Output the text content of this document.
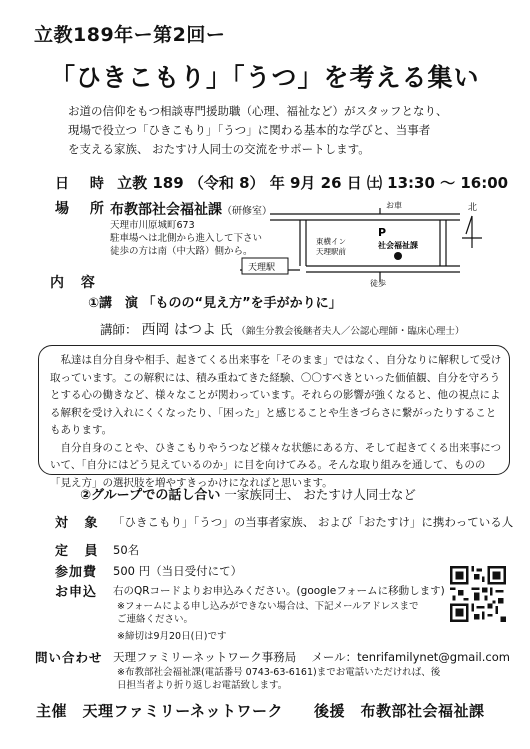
立教189年ー第2回ー
「ひきこもり」「うつ」を考える集い
お道の信仰をもつ相談専門援助職（心理、福祉など）がスタッフとなり、
現場で役立つ「ひきこもり」「うつ」に関わる基本的な学びと、当事者
を支える家族、 おたすけ人同士の交流をサポートします。
日 時 立教 189 （令和 8） 年 9月 26 日 ㈯ 13:30 〜 16:00
場 所
布教部社会福祉課（研修室）
天理市川原城町673
駐車場へは北側から進入して下さい
徒歩の方は南（中大路）側から。
天理駅
お車
P
社会福祉課
東横イン
天理駅前
徒歩
北
内 容
①講　演 「ものの“見え方”を手がかりに」
講師： 西岡 はつよ 氏 （錦生分教会後継者夫人／公認心理師・臨床心理士）

私達は自分自身や相手、起きてくる出来事を「そのまま」ではなく、自分なりに解釈して受け取っています。この解釈には、積み重ねてきた経験、〇〇すべきといった価値観、自分を守ろうとする心の働きなど、様々なことが関わっています。それらの影響が強くなると、他の視点による解釈を受け入れにくくなったり、「困った」と感じることや生きづらさに繋がったりすることもあります。

自分自身のことや、ひきこもりやうつなど様々な状態にある方、そして起きてくる出来事について、「自分にはどう見えているのか」に目を向けてみる。そんな取り組みを通して、ものの「見え方」の選択肢を増やすきっかけになればと思います。

②グループでの話し合い 一家族同士、 おたすけ人同士など
対 象 「ひきこもり」「うつ」の当事者家族、 および「おたすけ」に携わっている人
定 員 50名
参加費 500 円（当日受付にて）
お申込 右のQRコードよりお申込みください。(googleフォームに移動します)
※フォームによる申し込みができない場合は、下記メールアドレスまでご連絡ください。
※締切は9月20日(日)です
問い合わせ 天理ファミリーネットワーク事務局　 メール：tenrifamilynet@gmail.com
※布教部社会福祉課(電話番号 0743-63-6161)までお電話いただければ、後日担当者より折り返しお電話致します。
主催　天理ファミリーネットワーク　　後援　布教部社会福祉課
